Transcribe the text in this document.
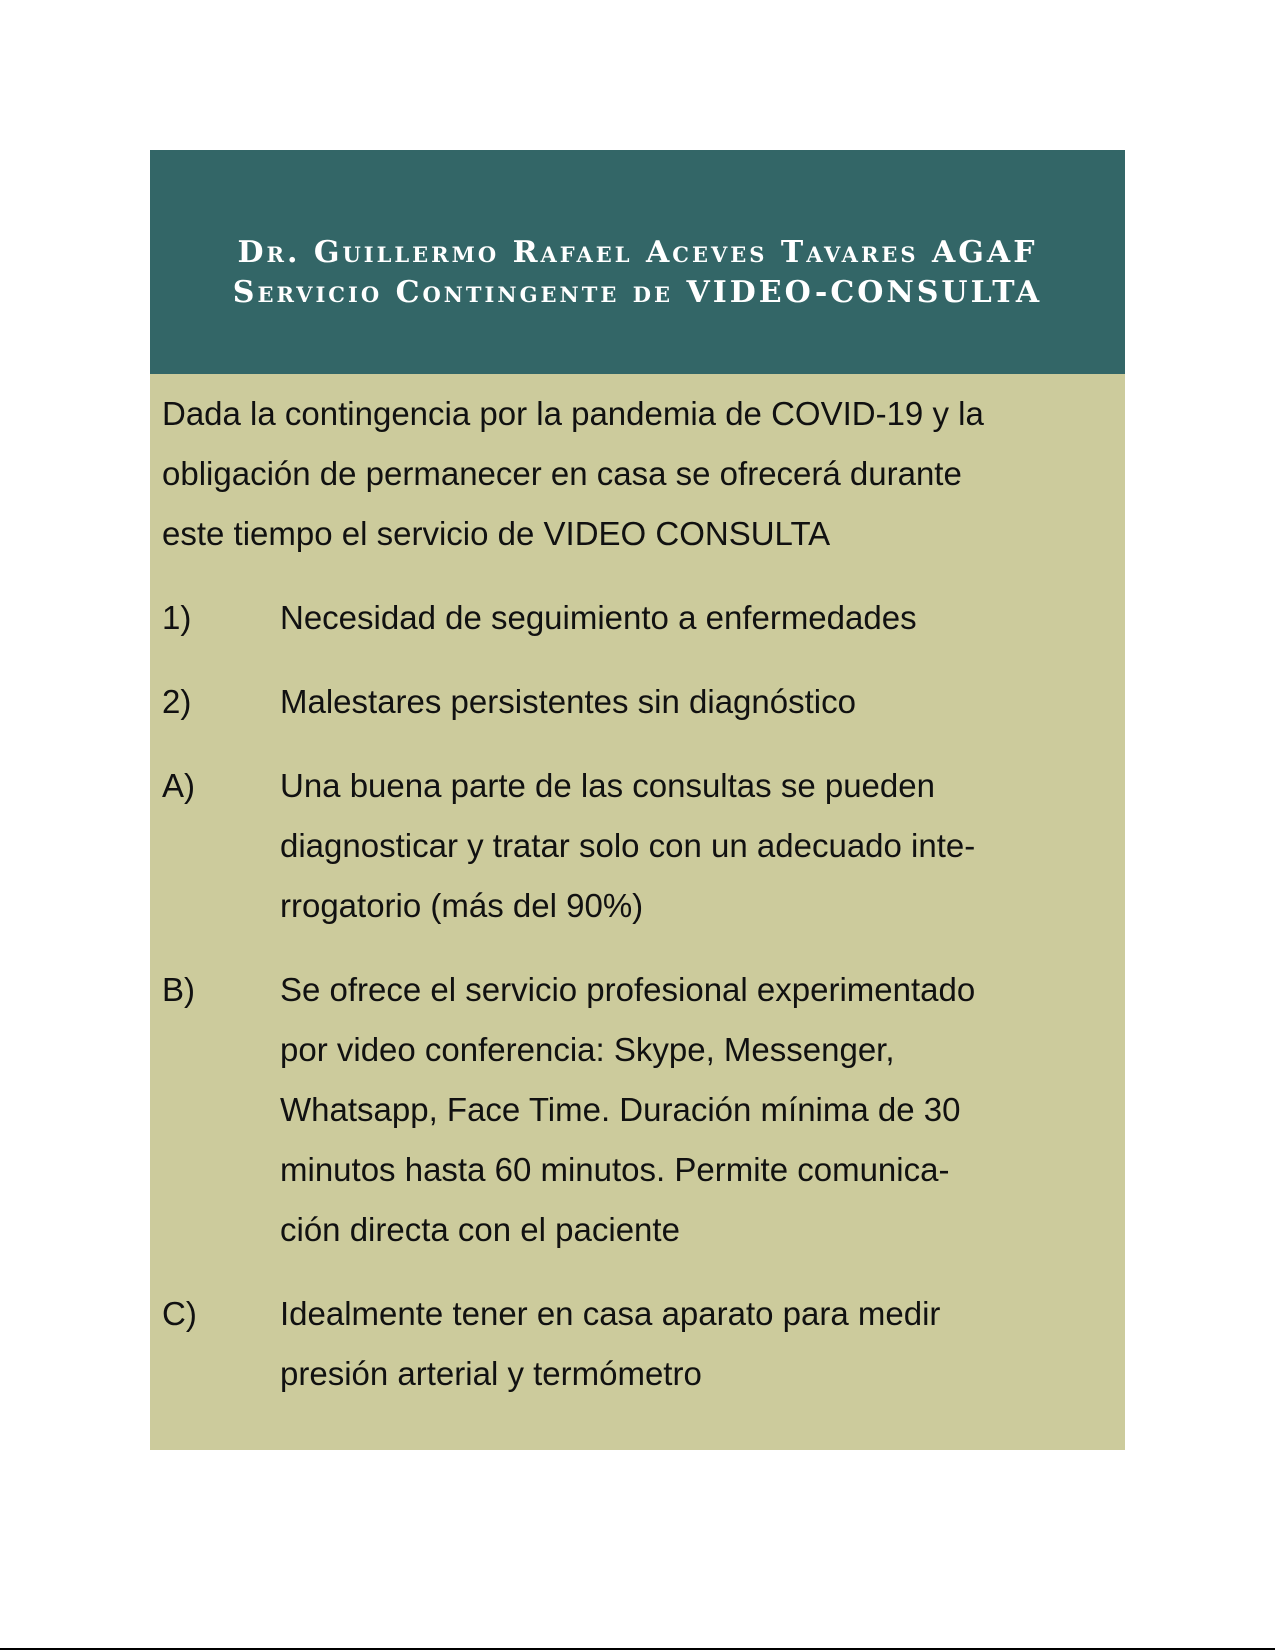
Dr. Guillermo Rafael Aceves Tavares AGAF
Servicio Contingente de VIDEO-CONSULTA

Dada la contingencia por la pandemia de COVID-19 y la
obligación de permanecer en casa se ofrecerá durante
este tiempo el servicio de VIDEO CONSULTA

1)	Necesidad de seguimiento a enfermedades
2)	Malestares persistentes sin diagnóstico
A)	Una buena parte de las consultas se pueden
diagnosticar y tratar solo con un adecuado inte-
rrogatorio (más del 90%)
B)	Se ofrece el servicio profesional experimentado
por video conferencia: Skype, Messenger,
Whatsapp, Face Time. Duración mínima de 30
minutos hasta 60 minutos. Permite comunica-
ción directa con el paciente
C)	Idealmente tener en casa aparato para medir
presión arterial y termómetro
